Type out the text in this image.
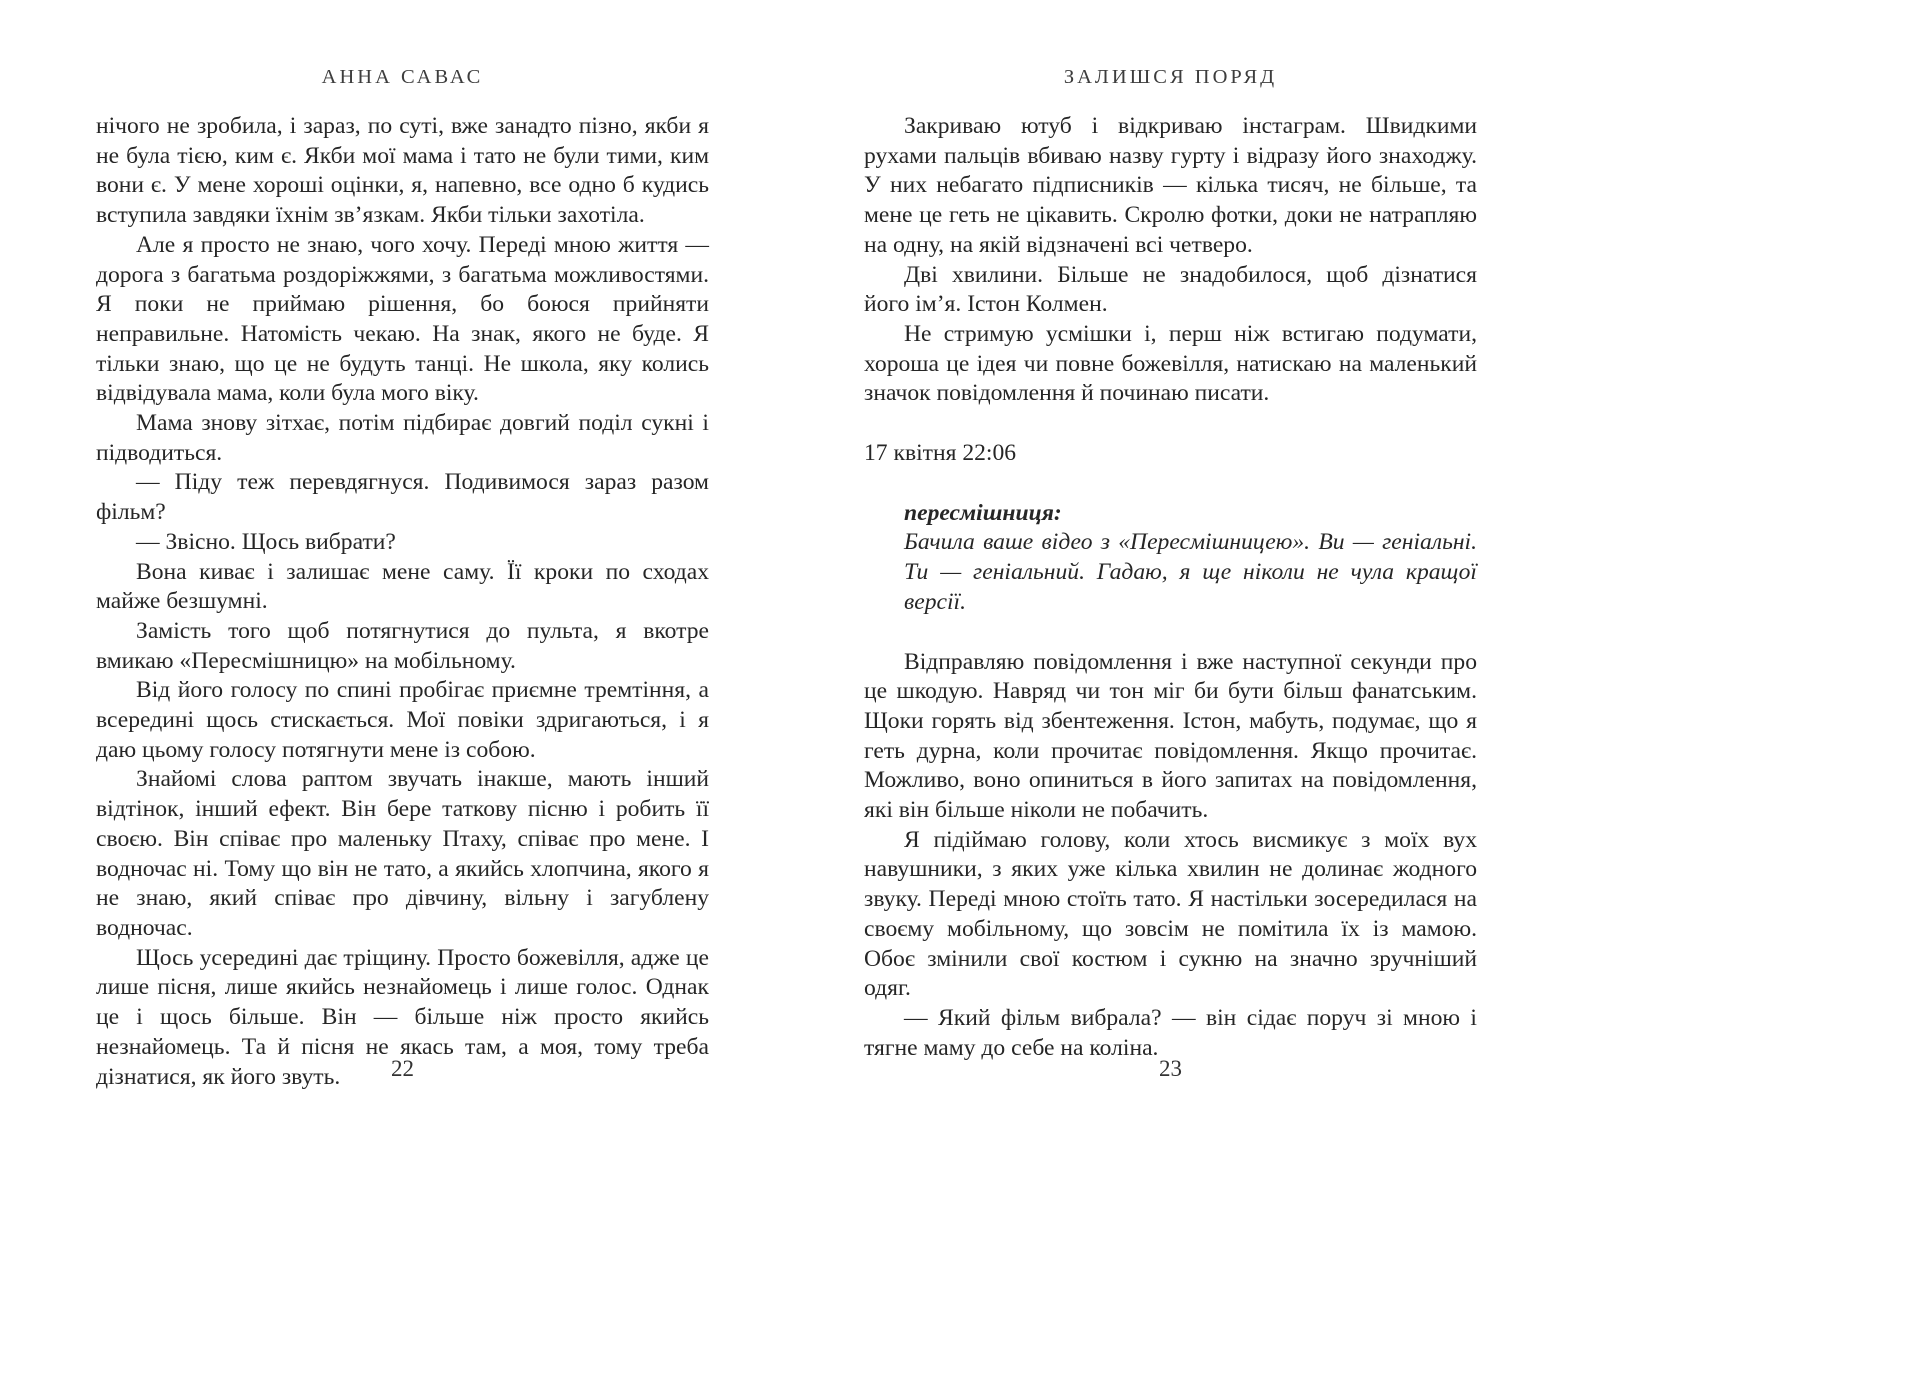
АННА САВАС

нічого не зробила, і зараз, по суті, вже занадто пізно, якби я не була тією, ким є. Якби мої мама і тато не були тими, ким вони є. У мене хороші оцінки, я, напевно, все одно б кудись вступила завдяки їхнім зв’язкам. Якби тільки захотіла.

Але я просто не знаю, чого хочу. Переді мною життя — дорога з багатьма роздоріжжями, з багатьма можливостями. Я поки не приймаю рішення, бо боюся прийняти неправильне. Натомість чекаю. На знак, якого не буде. Я тільки знаю, що це не будуть танці. Не школа, яку колись відвідувала мама, коли була мого віку.

Мама знову зітхає, потім підбирає довгий поділ сукні і підводиться.

— Піду теж перевдягнуся. Подивимося зараз разом фільм?

— Звісно. Щось вибрати?

Вона киває і залишає мене саму. Її кроки по сходах майже безшумні.

Замість того щоб потягнутися до пульта, я вкотре вмикаю «Пересмішницю» на мобільному.

Від його голосу по спині пробігає приємне тремтіння, а всередині щось стискається. Мої повіки здригаються, і я даю цьому голосу потягнути мене із собою.

Знайомі слова раптом звучать інакше, мають інший відтінок, інший ефект. Він бере таткову пісню і робить її своєю. Він співає про маленьку Птаху, співає про мене. І водночас ні. Тому що він не тато, а якийсь хлопчина, якого я не знаю, який співає про дівчину, вільну і загублену водночас.

Щось усередині дає тріщину. Просто божевілля, адже це лише пісня, лише якийсь незнайомець і лише голос. Однак це і щось більше. Він — більше ніж просто якийсь незнайомець. Та й пісня не якась там, а моя, тому треба дізнатися, як його звуть.	22
ЗАЛИШСЯ ПОРЯД

Закриваю ютуб і відкриваю інстаграм. Швидкими рухами пальців вбиваю назву гурту і відразу його знаходжу. У них небагато підписників — кілька тисяч, не більше, та мене це геть не цікавить. Скролю фотки, доки не натрапляю на одну, на якій відзначені всі четверо.

Дві хвилини. Більше не знадобилося, щоб дізнатися його ім’я. Істон Колмен.

Не стримую усмішки і, перш ніж встигаю подумати, хороша це ідея чи повне божевілля, натискаю на маленький значок повідомлення й починаю писати.

17 квітня 22:06

пересмішниця:
Бачила ваше відео з «Пересмішницею». Ви — геніальні. Ти — геніальний. Гадаю, я ще ніколи не чула кращої версії.

Відправляю повідомлення і вже наступної секунди про це шкодую. Навряд чи тон міг би бути більш фанатським. Щоки горять від збентеження. Істон, мабуть, подумає, що я геть дурна, коли прочитає повідомлення. Якщо прочитає. Можливо, воно опиниться в його запитах на повідомлення, які він більше ніколи не побачить.

Я підіймаю голову, коли хтось висмикує з моїх вух навушники, з яких уже кілька хвилин не долинає жодного звуку. Переді мною стоїть тато. Я настільки зосередилася на своєму мобільному, що зовсім не помітила їх із мамою. Обоє змінили свої костюм і сукню на значно зручніший одяг.

— Який фільм вибрала? — він сідає поруч зі мною і тягне маму до себе на коліна.

23
